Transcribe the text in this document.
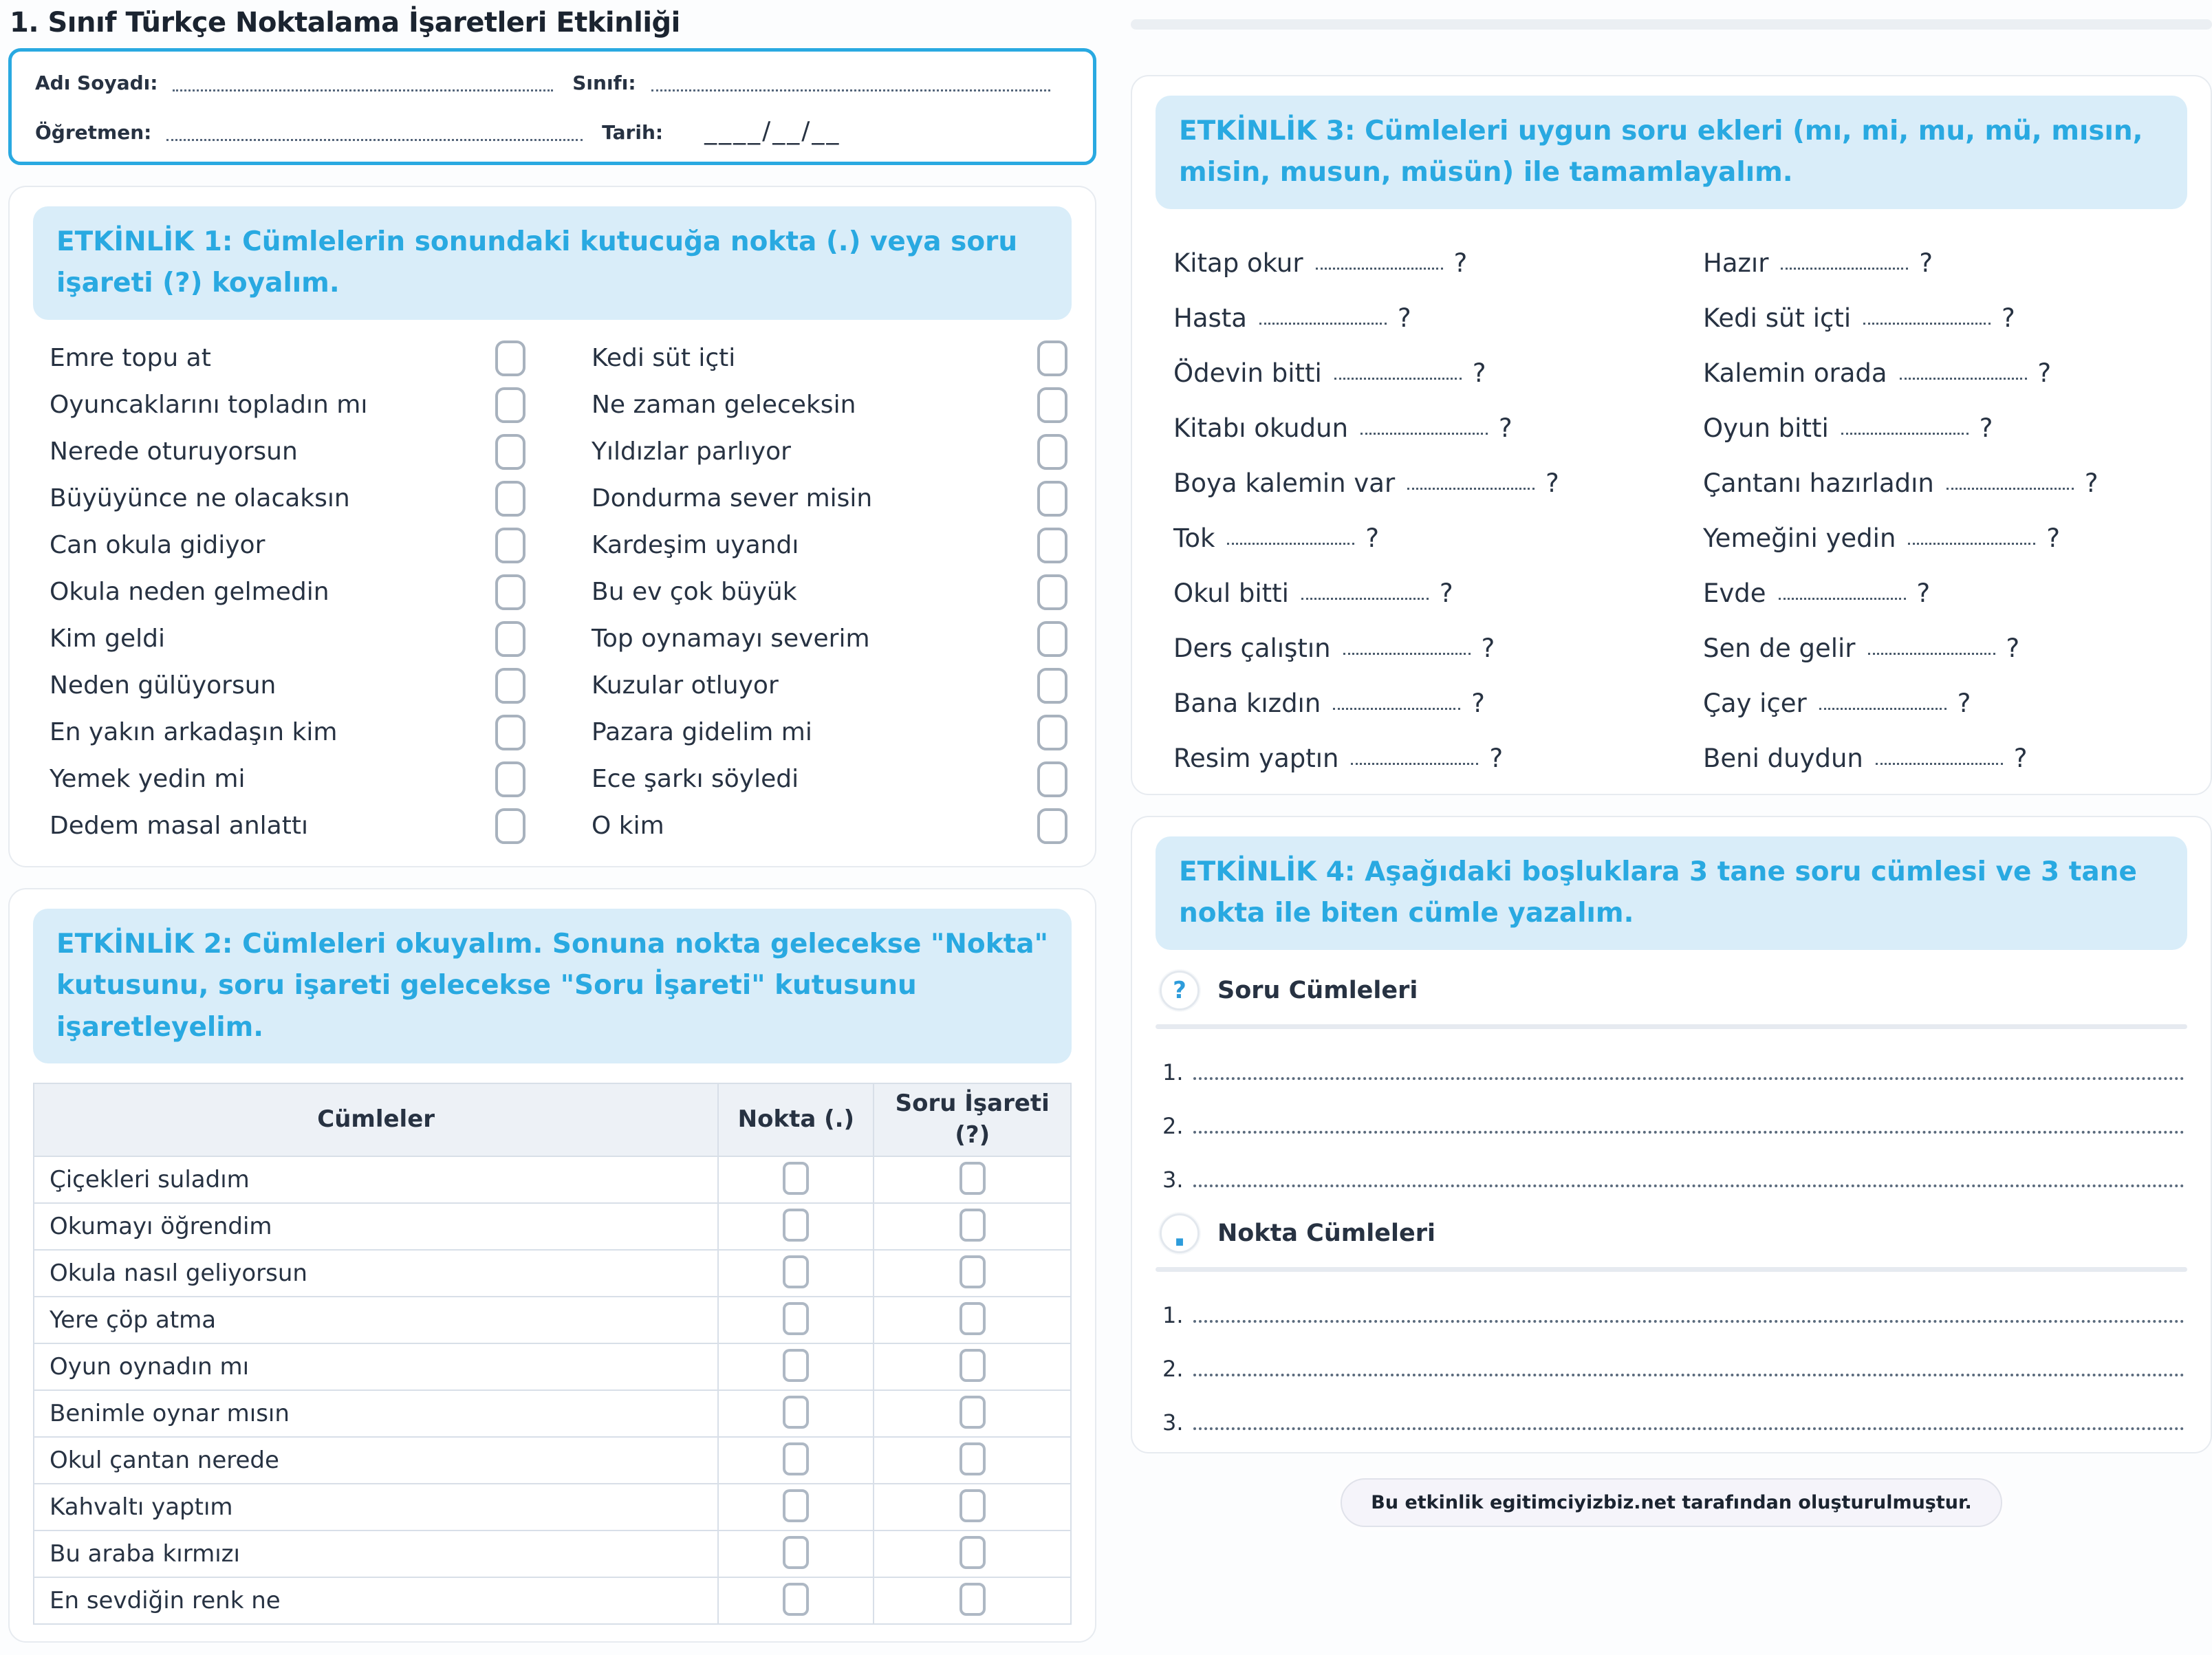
1. Sınıf Türkçe Noktalama İşaretleri Etkinliği
Adı Soyadı:	Sınıfı:
Öğretmen:	Tarih: ____/__/__
ETKİNLİK 1: Cümlelerin sonundaki kutucuğa nokta (.) veya soru işareti (?) koyalım.
Emre topu at
Oyuncaklarını topladın mı
Nerede oturuyorsun
Büyüyünce ne olacaksın
Can okula gidiyor
Okula neden gelmedin
Kim geldi
Neden gülüyorsun
En yakın arkadaşın kim
Yemek yedin mi
Dedem masal anlattı
Kedi süt içti
Ne zaman geleceksin
Yıldızlar parlıyor
Dondurma sever misin
Kardeşim uyandı
Bu ev çok büyük
Top oynamayı severim
Kuzular otluyor
Pazara gidelim mi
Ece şarkı söyledi
O kim
ETKİNLİK 2: Cümleleri okuyalım. Sonuna nokta gelecekse "Nokta" kutusunu, soru işareti gelecekse "Soru İşareti" kutusunu işaretleyelim.
Cümleler	Nokta (.)	Soru İşareti (?)
Çiçekleri suladım		
Okumayı öğrendim		
Okula nasıl geliyorsun		
Yere çöp atma		
Oyun oynadın mı		
Benimle oynar mısın		
Okul çantan nerede		
Kahvaltı yaptım		
Bu araba kırmızı		
En sevdiğin renk ne		
ETKİNLİK 3: Cümleleri uygun soru ekleri (mı, mi, mu, mü, mısın, misin, musun, müsün) ile tamamlayalım.
Kitap okur	?
Hasta	?
Ödevin bitti	?
Kitabı okudun	?
Boya kalemin var	?
Tok	?
Okul bitti	?
Ders çalıştın	?
Bana kızdın	?
Resim yaptın	?
Hazır	?
Kedi süt içti	?
Kalemin orada	?
Oyun bitti	?
Çantanı hazırladın	?
Yemeğini yedin	?
Evde	?
Sen de gelir	?
Çay içer	?
Beni duydun	?
ETKİNLİK 4: Aşağıdaki boşluklara 3 tane soru cümlesi ve 3 tane nokta ile biten cümle yazalım.
?	Soru Cümleleri
1.
2.
3.
.	Nokta Cümleleri
1.
2.
3.
Bu etkinlik egitimciyizbiz.net tarafından oluşturulmuştur.
